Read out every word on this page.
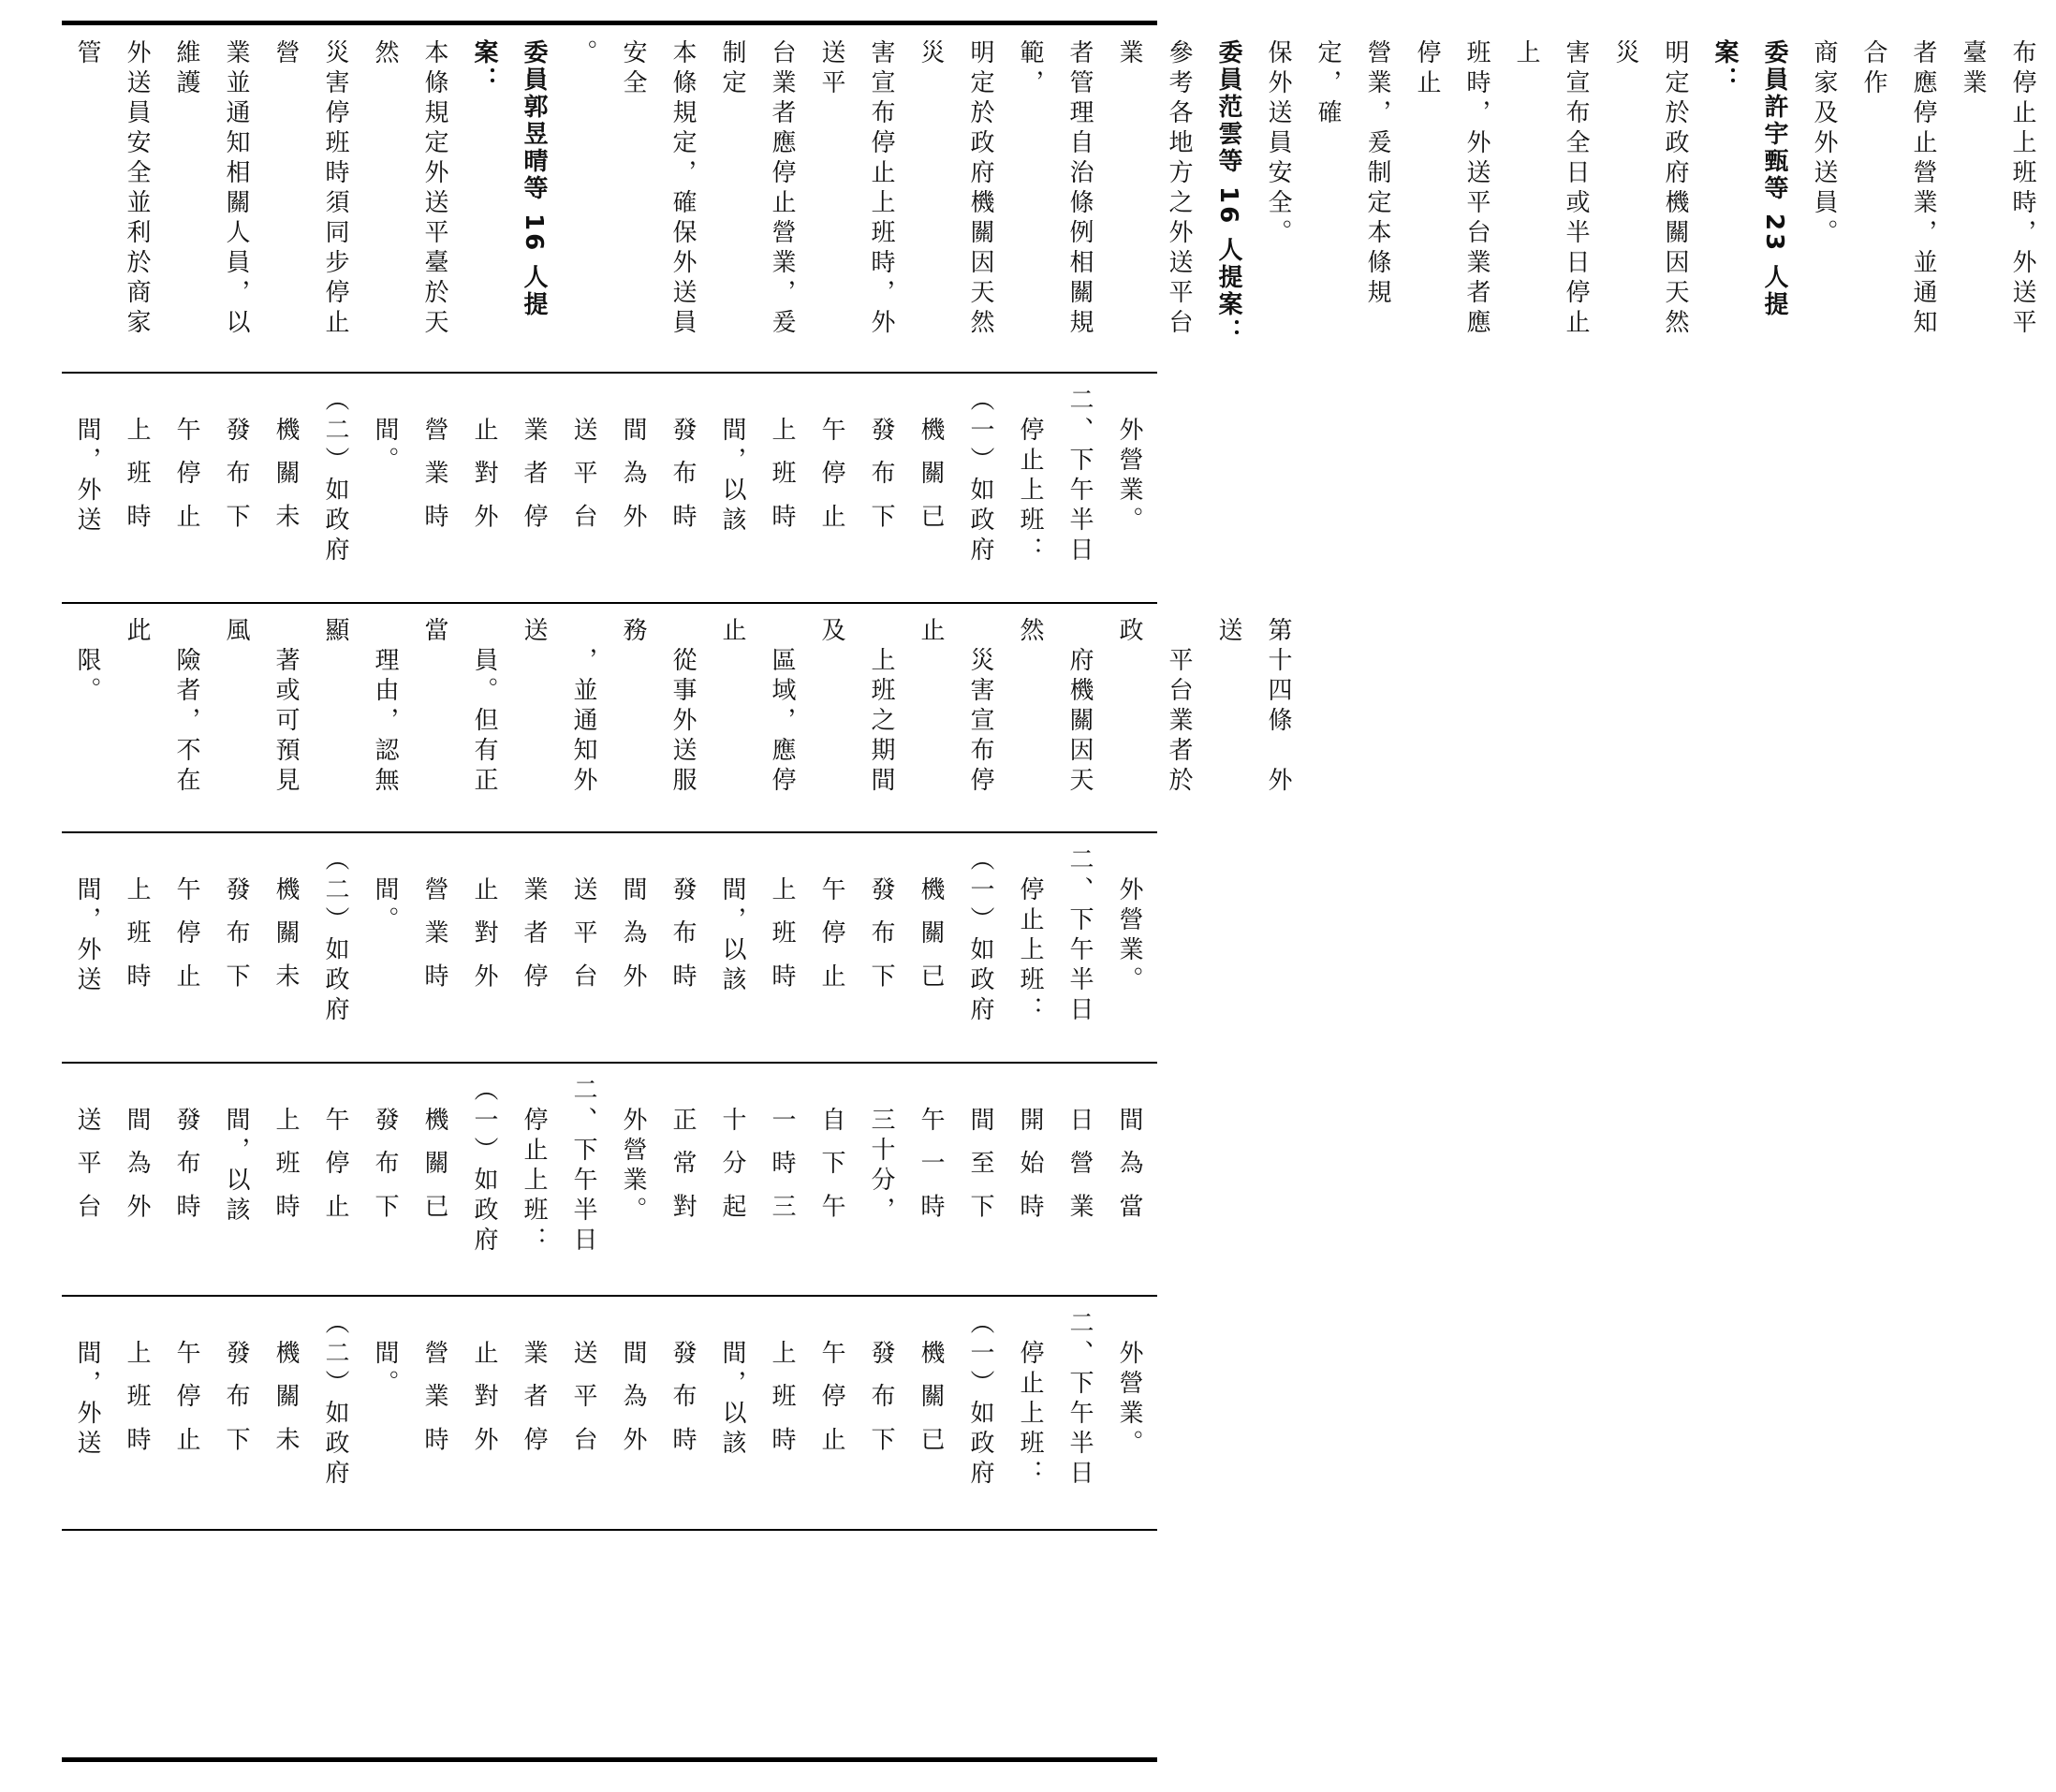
布停止上班時，外送平臺業
者應停止營業，並通知合作
商家及外送員。
委員許宇甄等 23 人提案：
明定於政府機關因天然災
害宣布全日或半日停止上
班時，外送平台業者應停止
營業，爰制定本條規定，確
保外送員安全。
委員范雲等 16 人提案：
參考各地方之外送平台業
者管理自治條例相關規範，
明定於政府機關因天然災
害宣布停止上班時，外送平
台業者應停止營業，爰制定
本條規定，確保外送員安全
。
委員郭昱晴等 16 人提案：
本條規定外送平臺於天然
災害停班時須同步停止營
業並通知相關人員，以維護
外送員安全並利於商家管
　外營業。
二、下午半日
　停止上班：
（一）如政府
　機 關 已
　發 布 下
　午 停 止
　上 班 時
　間，以該
　發 布 時
　間 為 外
　送 平 台
　業 者 停
　止 對 外
　營 業 時
　間。
（二）如政府
　機 關 未
　發 布 下
　午 停 止
　上 班 時
　間，外送
第十四條　外送
　平台業者於政
　府機關因天然
　災害宣布停止
　上班之期間及
　區域，應停止
　從事外送服務
　，並通知外送
　員。但有正當
　理由，認無顯
　著或可預見風
　險者，不在此
　限。
　外營業。
二、下午半日
　停止上班：
（一）如政府
　機 關 已
　發 布 下
　午 停 止
　上 班 時
　間，以該
　發 布 時
　間 為 外
　送 平 台
　業 者 停
　止 對 外
　營 業 時
　間。
（二）如政府
　機 關 未
　發 布 下
　午 停 止
　上 班 時
　間，外送
　間 為 當
　日 營 業
　開 始 時
　間 至 下
　午 一 時
　三十分，
　自 下 午
　一 時 三
　十 分 起
　正 常 對
　外營業。
二、下午半日
　停止上班：
（一）如政府
　機 關 已
　發 布 下
　午 停 止
　上 班 時
　間，以該
　發 布 時
　間 為 外
　送 平 台
　外營業。
二、下午半日
　停止上班：
（一）如政府
　機 關 已
　發 布 下
　午 停 止
　上 班 時
　間，以該
　發 布 時
　間 為 外
　送 平 台
　業 者 停
　止 對 外
　營 業 時
　間。
（二）如政府
　機 關 未
　發 布 下
　午 停 止
　上 班 時
　間，外送
